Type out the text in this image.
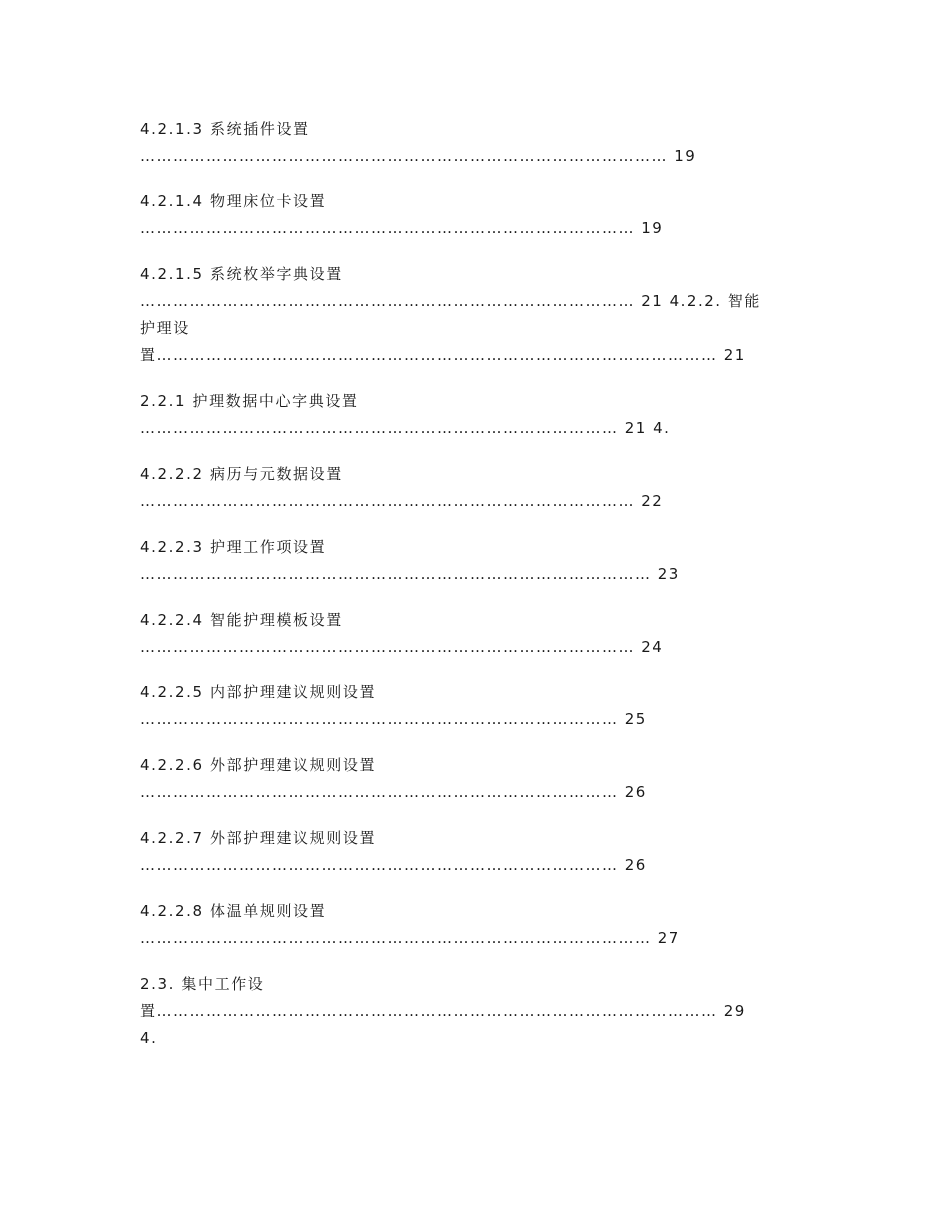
4.2.1.3 系统插件设置

…………………………………………………………………………………… 19

4.2.1.4 物理床位卡设置

……………………………………………………………………………… 19

4.2.1.5 系统枚举字典设置

……………………………………………………………………………… 21 4.2.2. 智能

护理设

置………………………………………………………………………………………… 21

2.2.1 护理数据中心字典设置

…………………………………………………………………………… 21 4.

4.2.2.2 病历与元数据设置

……………………………………………………………………………… 22

4.2.2.3 护理工作项设置

………………………………………………………………………………… 23

4.2.2.4 智能护理模板设置

……………………………………………………………………………… 24

4.2.2.5 内部护理建议规则设置

…………………………………………………………………………… 25

4.2.2.6 外部护理建议规则设置

…………………………………………………………………………… 26

4.2.2.7 外部护理建议规则设置

…………………………………………………………………………… 26

4.2.2.8 体温单规则设置

………………………………………………………………………………… 27

2.3. 集中工作设

置………………………………………………………………………………………… 29

4.
